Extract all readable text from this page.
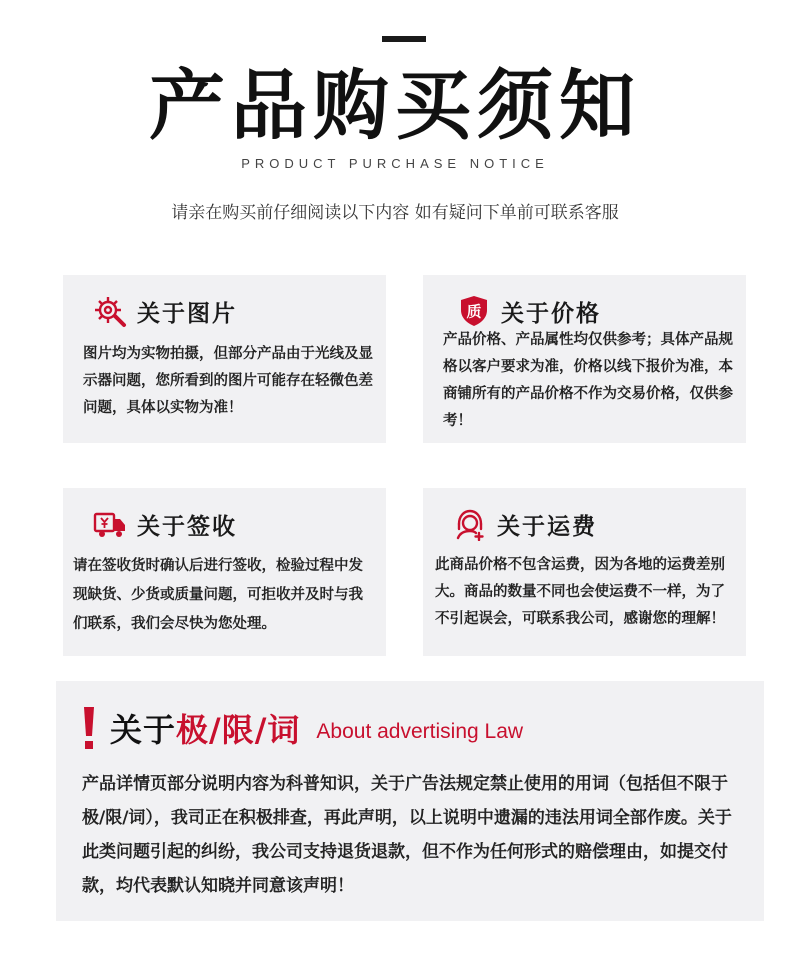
产品购买须知
PRODUCT PURCHASE NOTICE
请亲在购买前仔细阅读以下内容 如有疑问下单前可联系客服
关于图片
图片均为实物拍摄，但部分产品由于光线及显示器问题，您所看到的图片可能存在轻微色差问题，具体以实物为准！
质 关于价格
产品价格、产品属性均仅供参考；具体产品规格以客户要求为准，价格以线下报价为准，本商铺所有的产品价格不作为交易价格，仅供参考！
关于签收
请在签收货时确认后进行签收，检验过程中发现缺货、少货或质量问题，可拒收并及时与我们联系，我们会尽快为您处理。
关于运费
此商品价格不包含运费，因为各地的运费差别大。商品的数量不同也会使运费不一样，为了不引起误会，可联系我公司，感谢您的理解！
关于 极/限/词 About advertising Law
产品详情页部分说明内容为科普知识，关于广告法规定禁止使用的用词（包括但不限于极/限/词），我司正在积极排查，再此声明，以上说明中遗漏的违法用词全部作废。关于此类问题引起的纠纷，我公司支持退货退款，但不作为任何形式的赔偿理由，如提交付款，均代表默认知晓并同意该声明！
